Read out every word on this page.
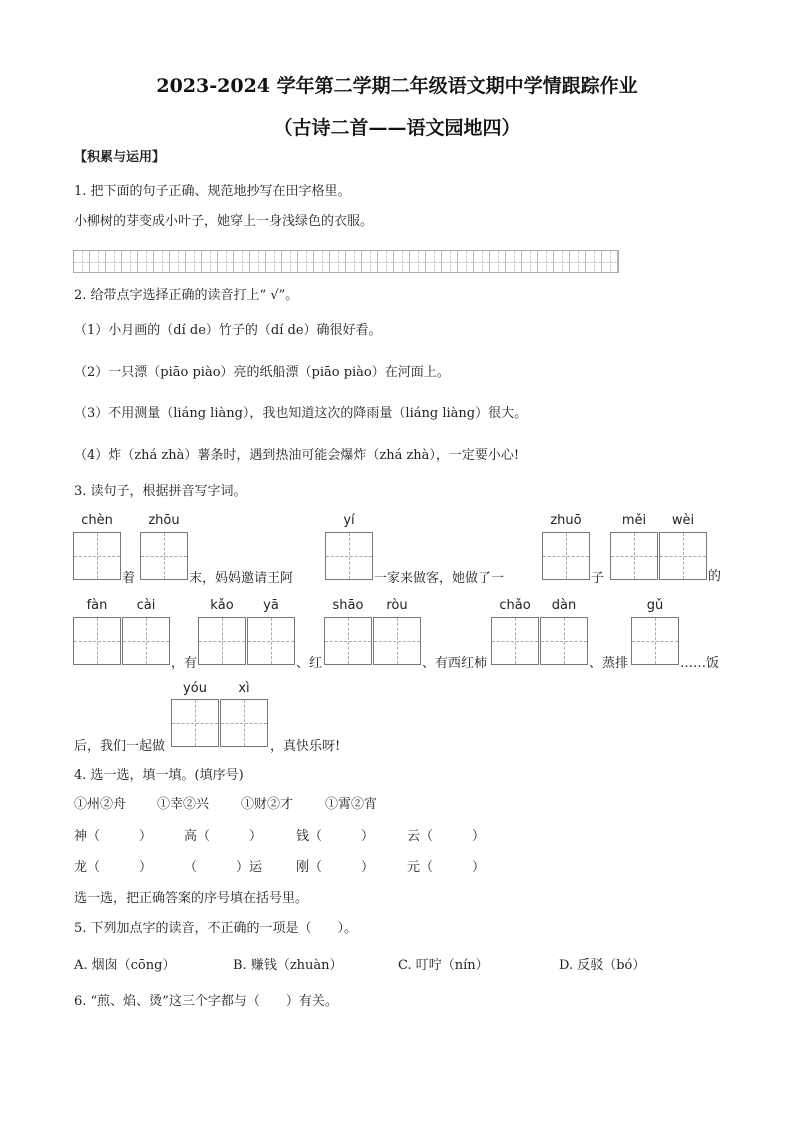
2023-2024 学年第二学期二年级语文期中学情跟踪作业
（古诗二首——语文园地四）
【积累与运用】
1. 把下面的句子正确、规范地抄写在田字格里。
小柳树的芽变成小叶子，她穿上一身浅绿色的衣服。
2. 给带点字选择正确的读音打上“ √”。
（1）小月画的（dí de）竹子的（dí de）确很好看。
（2）一只漂（piāo piào）亮的纸船漂（piāo piào）在河面上。
（3）不用测量（liáng liàng），我也知道这次的降雨量（liáng liàng）很大。
（4）炸（zhá zhà）薯条时，遇到热油可能会爆炸（zhá zhà），一定要小心!
3. 读句子，根据拼音写字词。
chèn	zhōu	yí	zhuō	měi	wèi
着	末，妈妈邀请王阿	一家来做客，她做了一	子	的
fàn	cài	kǎo	yā	shāo	ròu	chǎo	dàn	gǔ
，有	、红	、有西红柿	、蒸排	……饭
yóu	xì
后，我们一起做	，真快乐呀!
4. 选一选，填一填。(填序号)
①州②舟 ①幸②兴 ①财②才 ①霄②宵
神（　　　） 高（　　　）	钱（　　　）	云（　　　）
龙（　　　） （　　　）运	刚（　　　）	元（　　　）
选一选，把正确答案的序号填在括号里。
5. 下列加点字的读音，不正确的一项是（　　）。
A. 烟囱（cōng）	B. 赚钱（zhuàn）	C. 叮咛（nín）	D. 反驳（bó）
6. “煎、焰、烫”这三个字都与（　　）有关。
